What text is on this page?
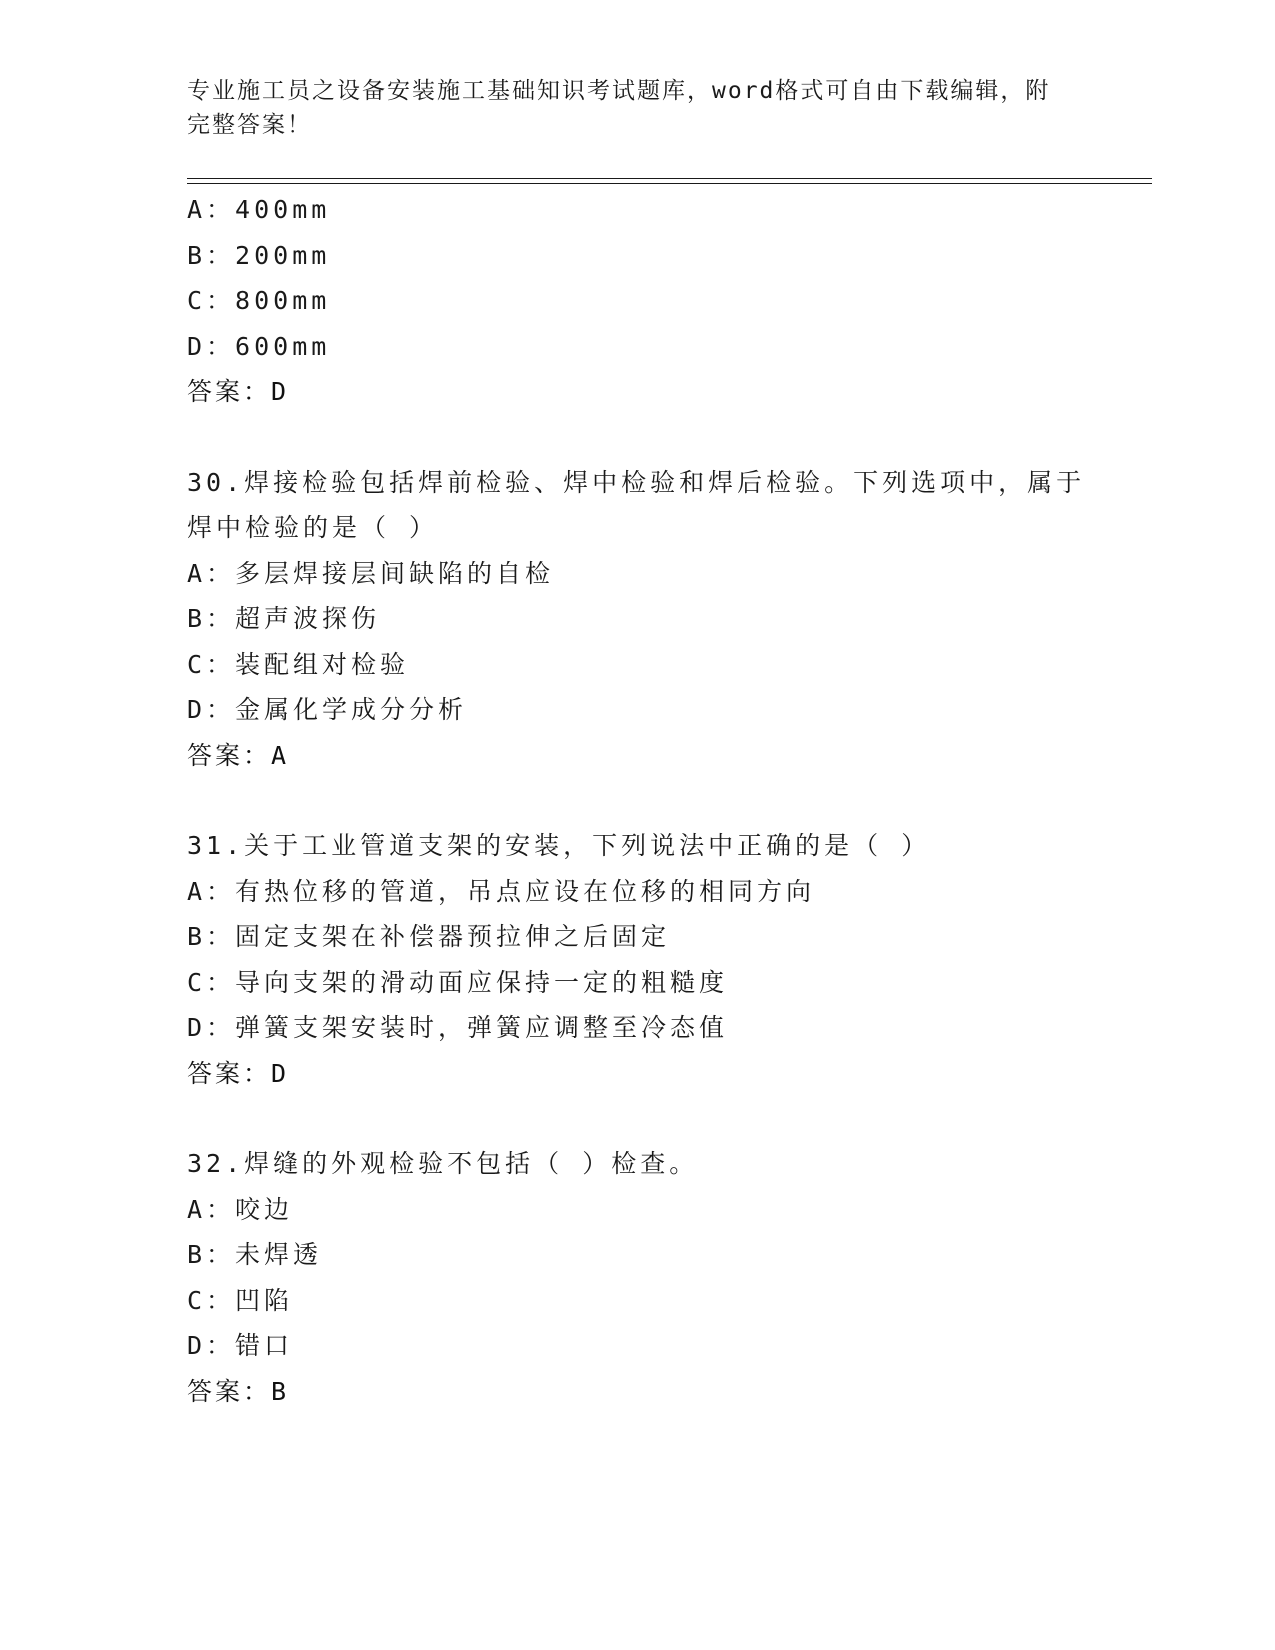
专业施工员之设备安装施工基础知识考试题库，word格式可自由下载编辑，附完整答案！
A：400mm
B：200mm
C：800mm
D：600mm
答案：D
30.焊接检验包括焊前检验、焊中检验和焊后检验。下列选项中，属于
焊中检验的是（ ）
A：多层焊接层间缺陷的自检
B：超声波探伤
C：装配组对检验
D：金属化学成分分析
答案：A
31.关于工业管道支架的安装，下列说法中正确的是（ ）
A：有热位移的管道，吊点应设在位移的相同方向
B：固定支架在补偿器预拉伸之后固定
C：导向支架的滑动面应保持一定的粗糙度
D：弹簧支架安装时，弹簧应调整至冷态值
答案：D
32.焊缝的外观检验不包括（ ）检查。
A：咬边
B：未焊透
C：凹陷
D：错口
答案：B
